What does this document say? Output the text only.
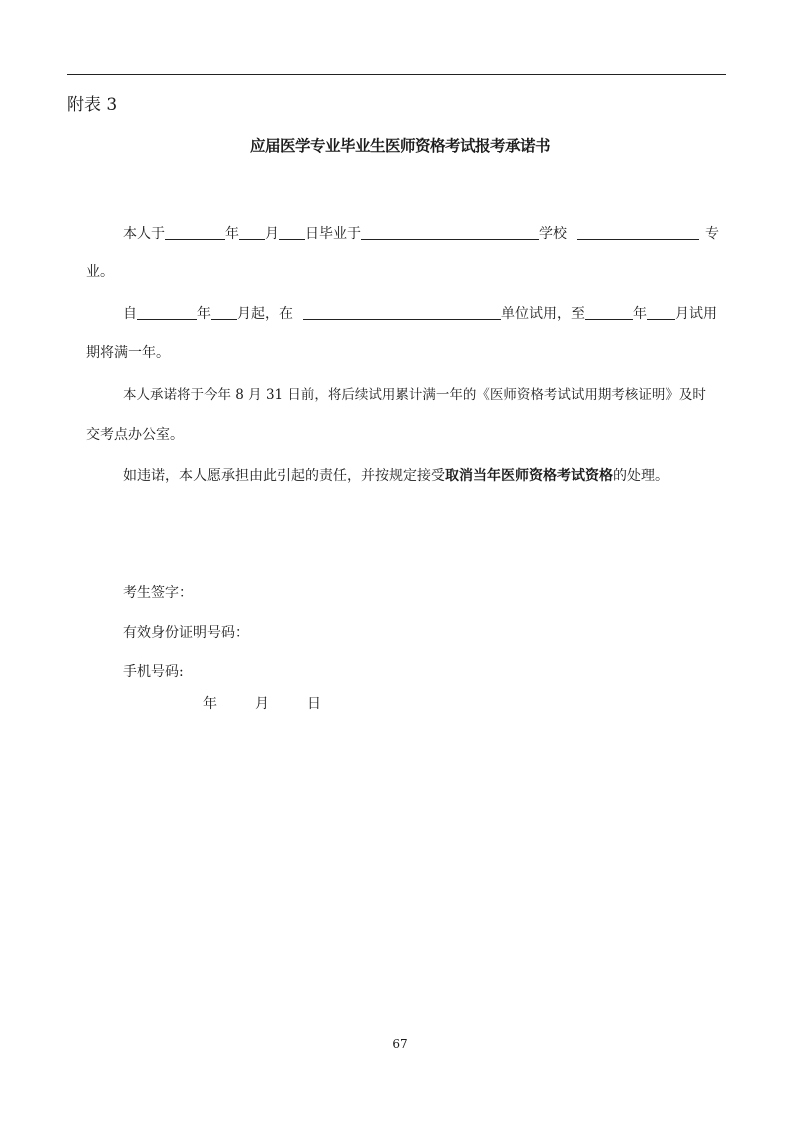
附表 3
应届医学专业毕业生医师资格考试报考承诺书
本人于	年 月 日毕业于	学校	专
业。
自	年 月起，在	单位试用，至	年 月试用
期将满一年。
本人承诺将于今年 8 月 31 日前，将后续试用累计满一年的《医师资格考试试用期考核证明》及时
交考点办公室。
如违诺，本人愿承担由此引起的责任，并按规定接受取消当年医师资格考试资格的处理。
考生签字：
有效身份证明号码：
手机号码:
年	月	日
67
